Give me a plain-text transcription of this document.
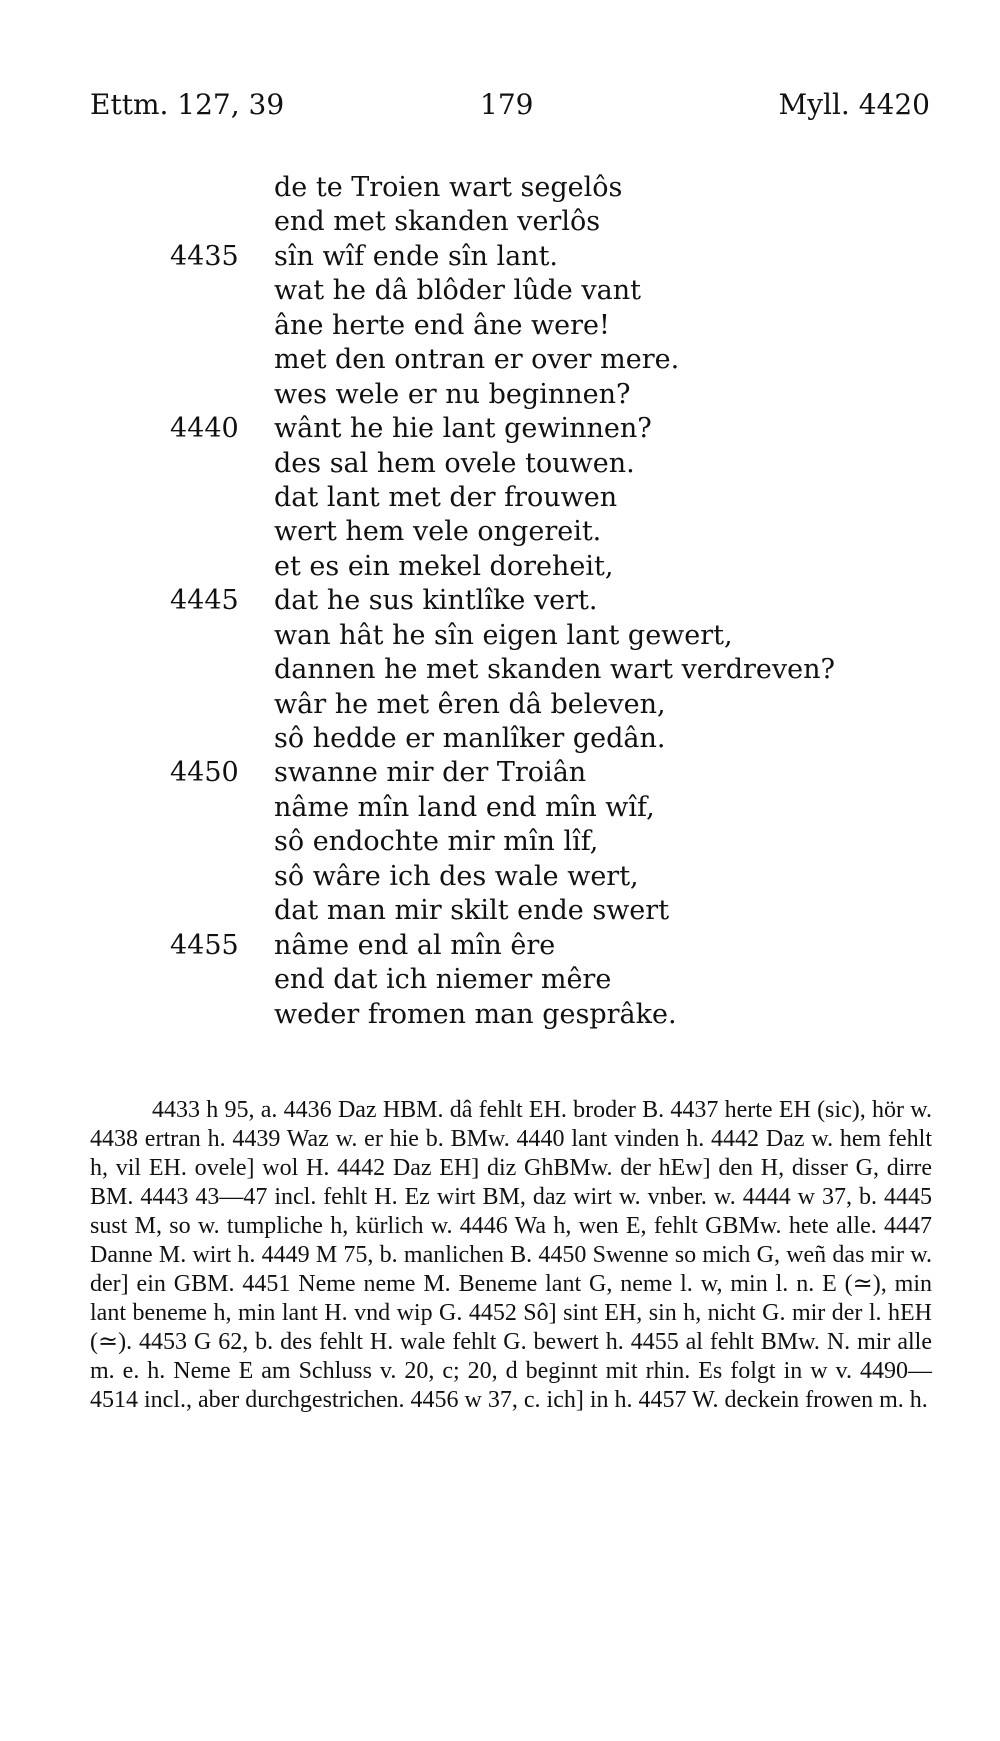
Ettm. 127, 39	179	Myll. 4420
de te Troien wart segelôs
end met skanden verlôs
4435 sîn wîf ende sîn lant.
wat he dâ blôder lûde vant
âne herte end âne were!
met den ontran er over mere.
wes wele er nu beginnen?
4440 wânt he hie lant gewinnen?
des sal hem ovele touwen.
dat lant met der frouwen
wert hem vele ongereit.
et es ein mekel doreheit,
4445 dat he sus kintlîke vert.
wan hât he sîn eigen lant gewert,
dannen he met skanden wart verdreven?
wâr he met êren dâ beleven,
sô hedde er manlîker gedân.
4450 swanne mir der Troiân
nâme mîn land end mîn wîf,
sô endochte mir mîn lîf,
sô wâre ich des wale wert,
dat man mir skilt ende swert
4455 nâme end al mîn êre
end dat ich niemer mêre
weder fromen man gesprâke.

4433 h 95, a. 4436 Daz HBM. dâ fehlt EH. broder B. 4437 herte EH (sic), hör w. 4438 ertran h. 4439 Waz w. er hie b. BMw. 4440 lant vinden h. 4442 Daz w. hem fehlt h, vil EH. ovele] wol H. 4442 Daz EH] diz GhBMw. der hEw] den H, disser G, dirre BM. 4443 43—47 incl. fehlt H. Ez wirt BM, daz wirt w. vnber. w. 4444 w 37, b. 4445 sust M, so w. tumpliche h, kürlich w. 4446 Wa h, wen E, fehlt GBMw. hete alle. 4447 Danne M. wirt h. 4449 M 75, b. manlichen B. 4450 Swenne so mich G, weñ das mir w. der] ein GBM. 4451 Neme neme M. Beneme lant G, neme l. w, min l. n. E (≃), min lant beneme h, min lant H. vnd wip G. 4452 Sô] sint EH, sin h, nicht G. mir der l. hEH (≃). 4453 G 62, b. des fehlt H. wale fehlt G. bewert h. 4455 al fehlt BMw. N. mir alle m. e. h. Neme E am Schluss v. 20, c; 20, d beginnt mit rhin. Es folgt in w v. 4490—4514 incl., aber durchgestrichen. 4456 w 37, c. ich] in h. 4457 W. deckein frowen m. h.
